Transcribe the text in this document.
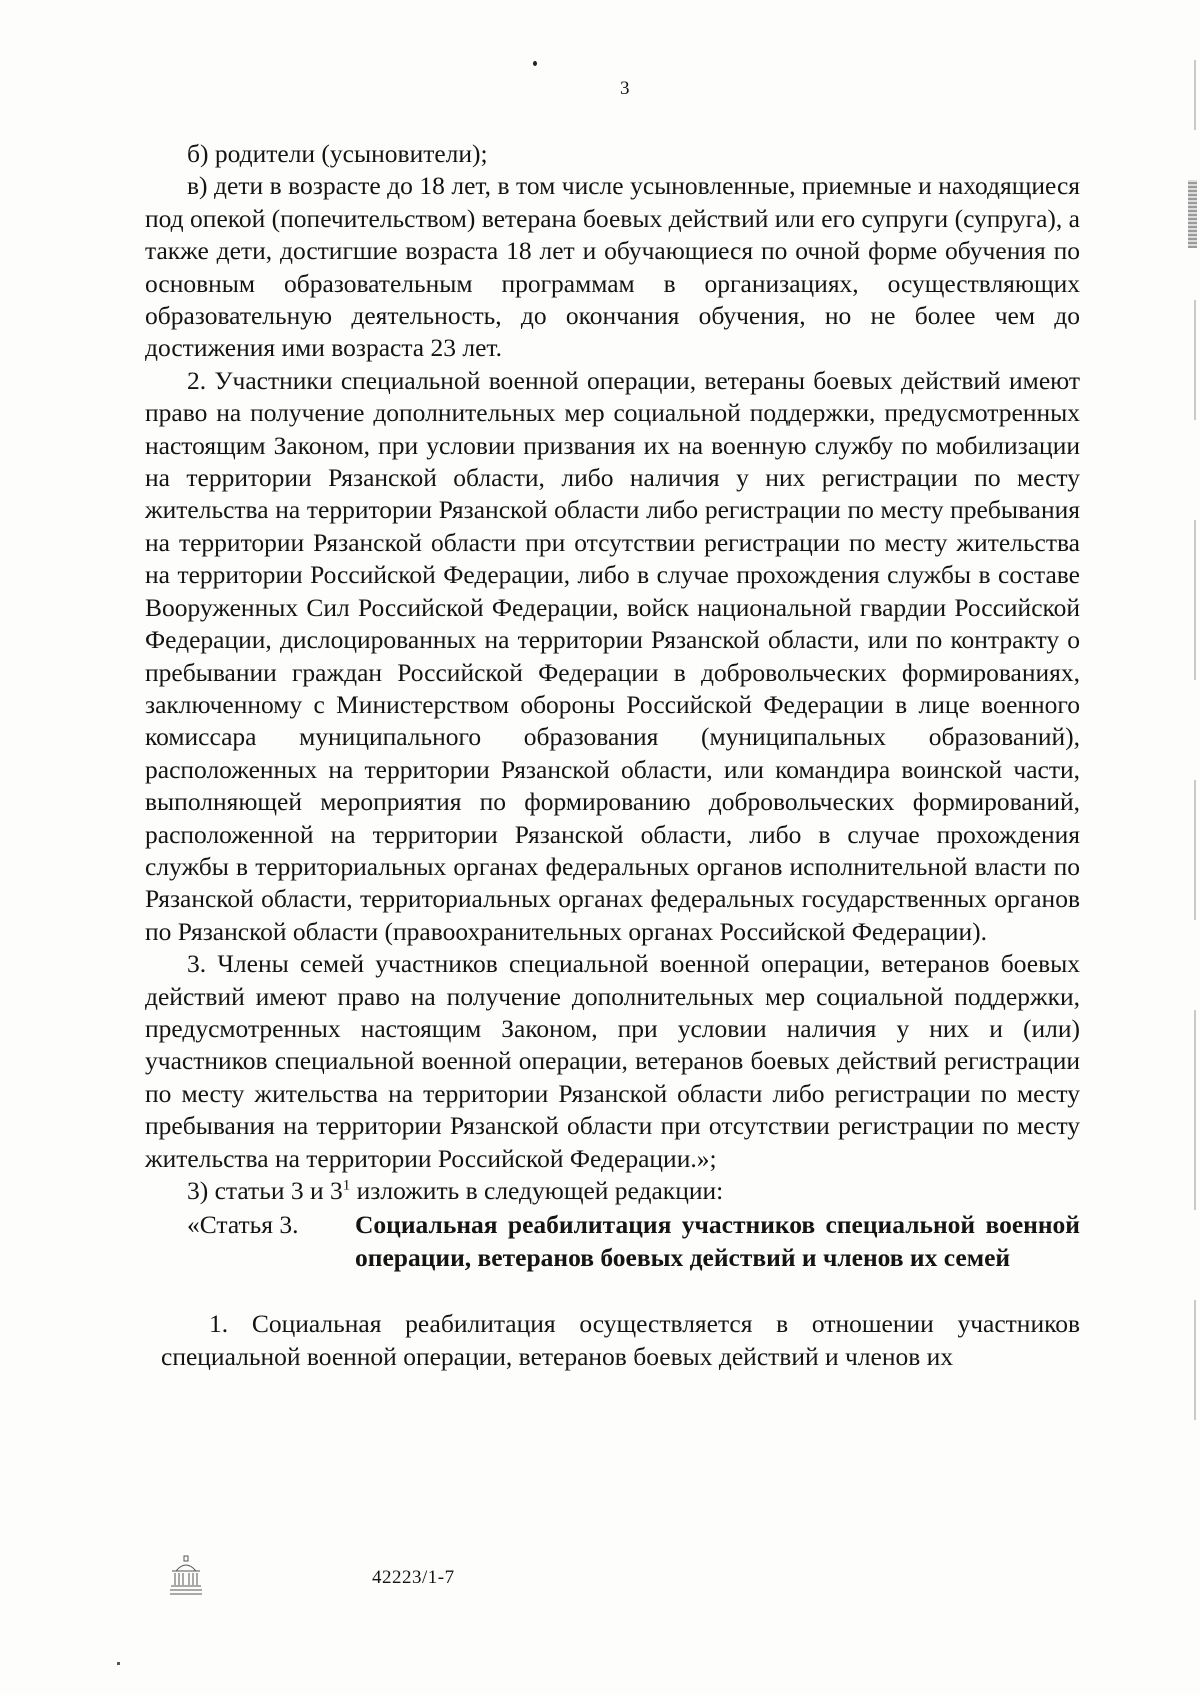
3

б) родители (усыновители);

в) дети в возрасте до 18 лет, в том числе усыновленные, приемные и находящиеся под опекой (попечительством) ветерана боевых действий или его супруги (супруга), а также дети, достигшие возраста 18 лет и обучающиеся по очной форме обучения по основным образовательным программам в организациях, осуществляющих образовательную деятельность, до окончания обучения, но не более чем до достижения ими возраста 23 лет.

2. Участники специальной военной операции, ветераны боевых действий имеют право на получение дополнительных мер социальной поддержки, предусмотренных настоящим Законом, при условии призвания их на военную службу по мобилизации на территории Рязанской области, либо наличия у них регистрации по месту жительства на территории Рязанской области либо регистрации по месту пребывания на территории Рязанской области при отсутствии регистрации по месту жительства на территории Российской Федерации, либо в случае прохождения службы в составе Вооруженных Сил Российской Федерации, войск национальной гвардии Российской Федерации, дислоцированных на территории Рязанской области, или по контракту о пребывании граждан Российской Федерации в добровольческих формированиях, заключенному с Министерством обороны Российской Федерации в лице военного комиссара муниципального образования (муниципальных образований), расположенных на территории Рязанской области, или командира воинской части, выполняющей мероприятия по формированию добровольческих формирований, расположенной на территории Рязанской области, либо в случае прохождения службы в территориальных органах федеральных органов исполнительной власти по Рязанской области, территориальных органах федеральных государственных органов по Рязанской области (правоохранительных органах Российской Федерации).

3. Члены семей участников специальной военной операции, ветеранов боевых действий имеют право на получение дополнительных мер социальной поддержки, предусмотренных настоящим Законом, при условии наличия у них и (или) участников специальной военной операции, ветеранов боевых действий регистрации по месту жительства на территории Рязанской области либо регистрации по месту пребывания на территории Рязанской области при отсутствии регистрации по месту жительства на территории Российской Федерации.»;

3) статьи 3 и $3^1$ изложить в следующей редакции:

«Статья 3.	Социальная реабилитация участников специальной военной операции, ветеранов боевых действий и членов их семей

1. Социальная реабилитация осуществляется в отношении участников специальной военной операции, ветеранов боевых действий и членов их

42223/1-7
